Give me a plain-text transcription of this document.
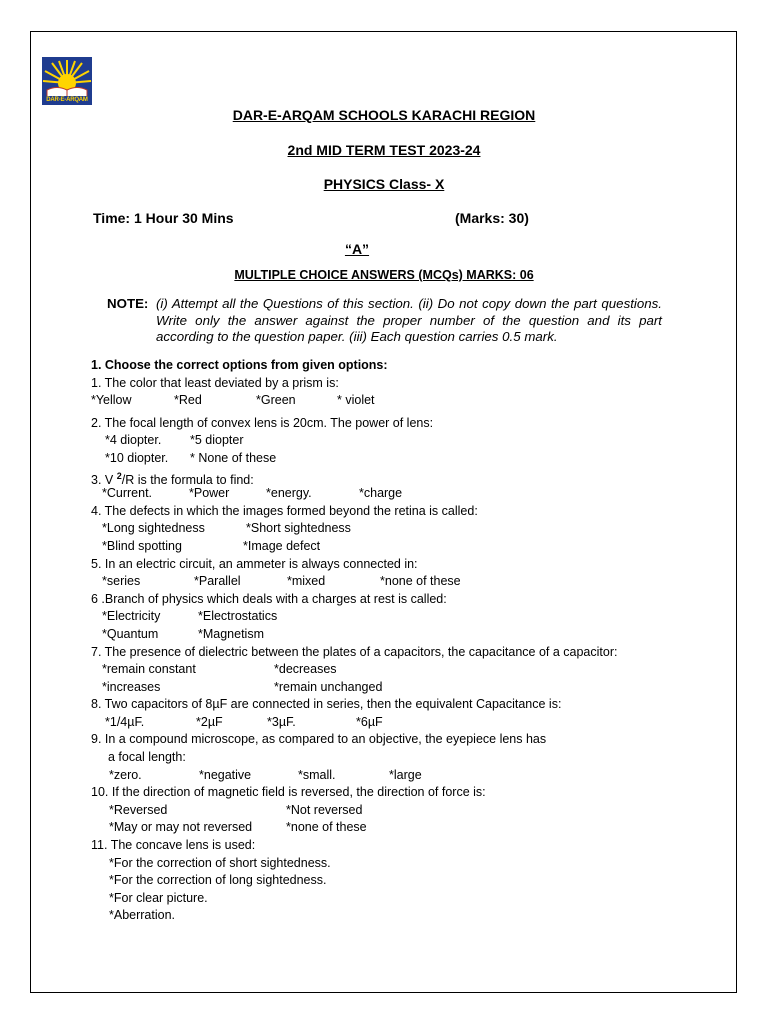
DAR-E-ARQAM
DAR-E-ARQAM SCHOOLS KARACHI REGION
2nd MID TERM TEST 2023-24
PHYSICS Class- X
Time: 1 Hour 30 Mins	(Marks: 30)
“A”
MULTIPLE CHOICE ANSWERS (MCQs) MARKS: 06
NOTE: (i) Attempt all the Questions of this section. (ii) Do not copy down the part questions. Write only the answer against the proper number of the question and its part according to the question paper. (iii) Each question carries 0.5 mark.
1. Choose the correct options from given options:
1. The color that least deviated by a prism is:
*Yellow	*Red	*Green	* violet
2. The focal length of convex lens is 20cm. The power of lens:
*4 diopter. *5 diopter
*10 diopter. * None of these
3. V $^2$/R is the formula to find:
*Current.	*Power	*energy.	*charge
4. The defects in which the images formed beyond the retina is called:
*Long sightedness	*Short sightedness
*Blind spotting	*Image defect
5. In an electric circuit, an ammeter is always connected in:
*series	*Parallel	*mixed	*none of these
6 .Branch of physics which deals with a charges at rest is called:
*Electricity	*Electrostatics
*Quantum	*Magnetism
7. The presence of dielectric between the plates of a capacitors, the capacitance of a capacitor:
*remain constant	*decreases
*increases	*remain unchanged
8. Two capacitors of 8µF are connected in series, then the equivalent Capacitance is:
*1/4µF.	*2µF	*3µF.	*6µF
9. In a compound microscope, as compared to an objective, the eyepiece lens has
a focal length:
*zero.	*negative	*small.	*large
10. If the direction of magnetic field is reversed, the direction of force is:
*Reversed	*Not reversed
*May or may not reversed	*none of these
11. The concave lens is used:
*For the correction of short sightedness.
*For the correction of long sightedness.
*For clear picture.
*Aberration.
